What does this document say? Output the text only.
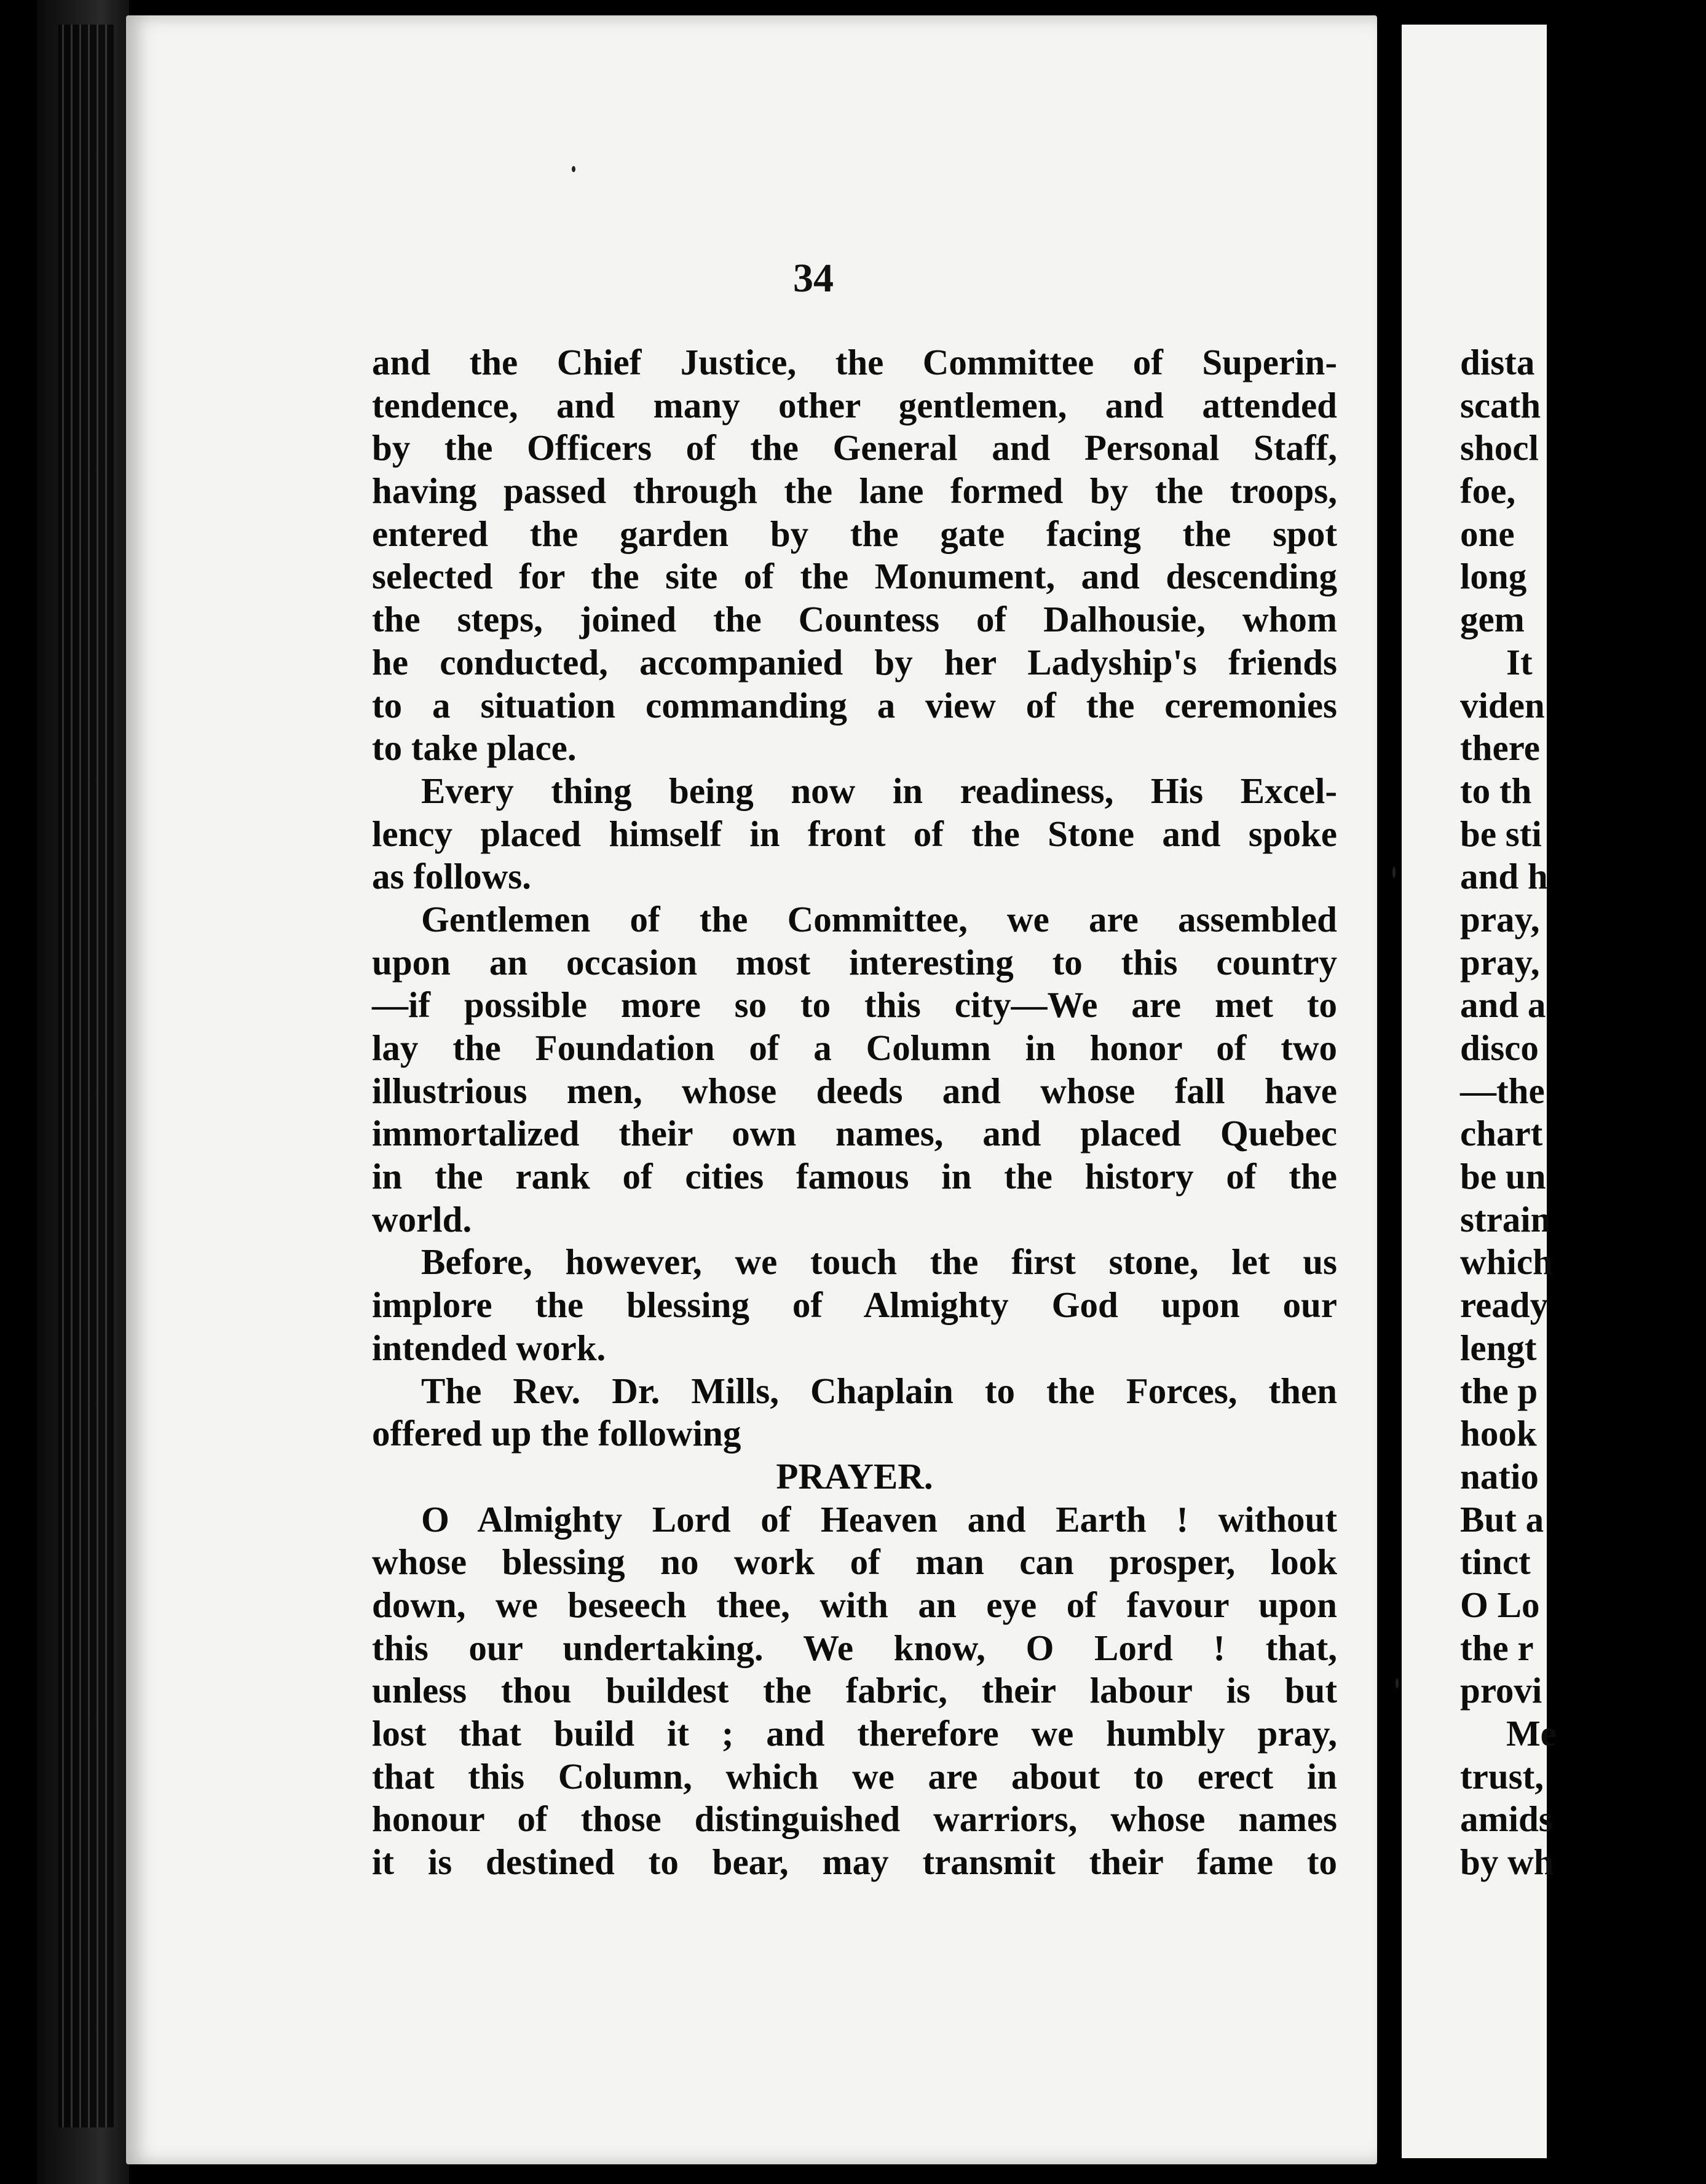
34
and the Chief Justice, the Committee of Superin-
tendence, and many other gentlemen, and attended
by the Officers of the General and Personal Staff,
having passed through the lane formed by the troops,
entered the garden by the gate facing the spot
selected for the site of the Monument, and descending
the steps, joined the Countess of Dalhousie, whom
he conducted, accompanied by her Ladyship's friends
to a situation commanding a view of the ceremonies
to take place.
Every thing being now in readiness, His Excel-
lency placed himself in front of the Stone and spoke
as follows.
Gentlemen of the Committee, we are assembled
upon an occasion most interesting to this country
—if possible more so to this city—We are met to
lay the Foundation of a Column in honor of two
illustrious men, whose deeds and whose fall have
immortalized their own names, and placed Quebec
in the rank of cities famous in the history of the
world.
Before, however, we touch the first stone, let us
implore the blessing of Almighty God upon our
intended work.
The Rev. Dr. Mills, Chaplain to the Forces, then
offered up the following
PRAYER.
O Almighty Lord of Heaven and Earth ! without
whose blessing no work of man can prosper, look
down, we beseech thee, with an eye of favour upon
this our undertaking. We know, O Lord ! that,
unless thou buildest the fabric, their labour is but
lost that build it ; and therefore we humbly pray,
that this Column, which we are about to erect in
honour of those distinguished warriors, whose names
it is destined to bear, may transmit their fame to
dista
scath
shocl
foe,
one
long
gem
It
viden
there
to th
be sti
and h
pray,
pray,
and a
disco
—the
chart
be un
strain
which
ready
lengt
the p
hook
natio
But a
tinct
O Lo
the r
provi
Me
trust,
amids
by wh
